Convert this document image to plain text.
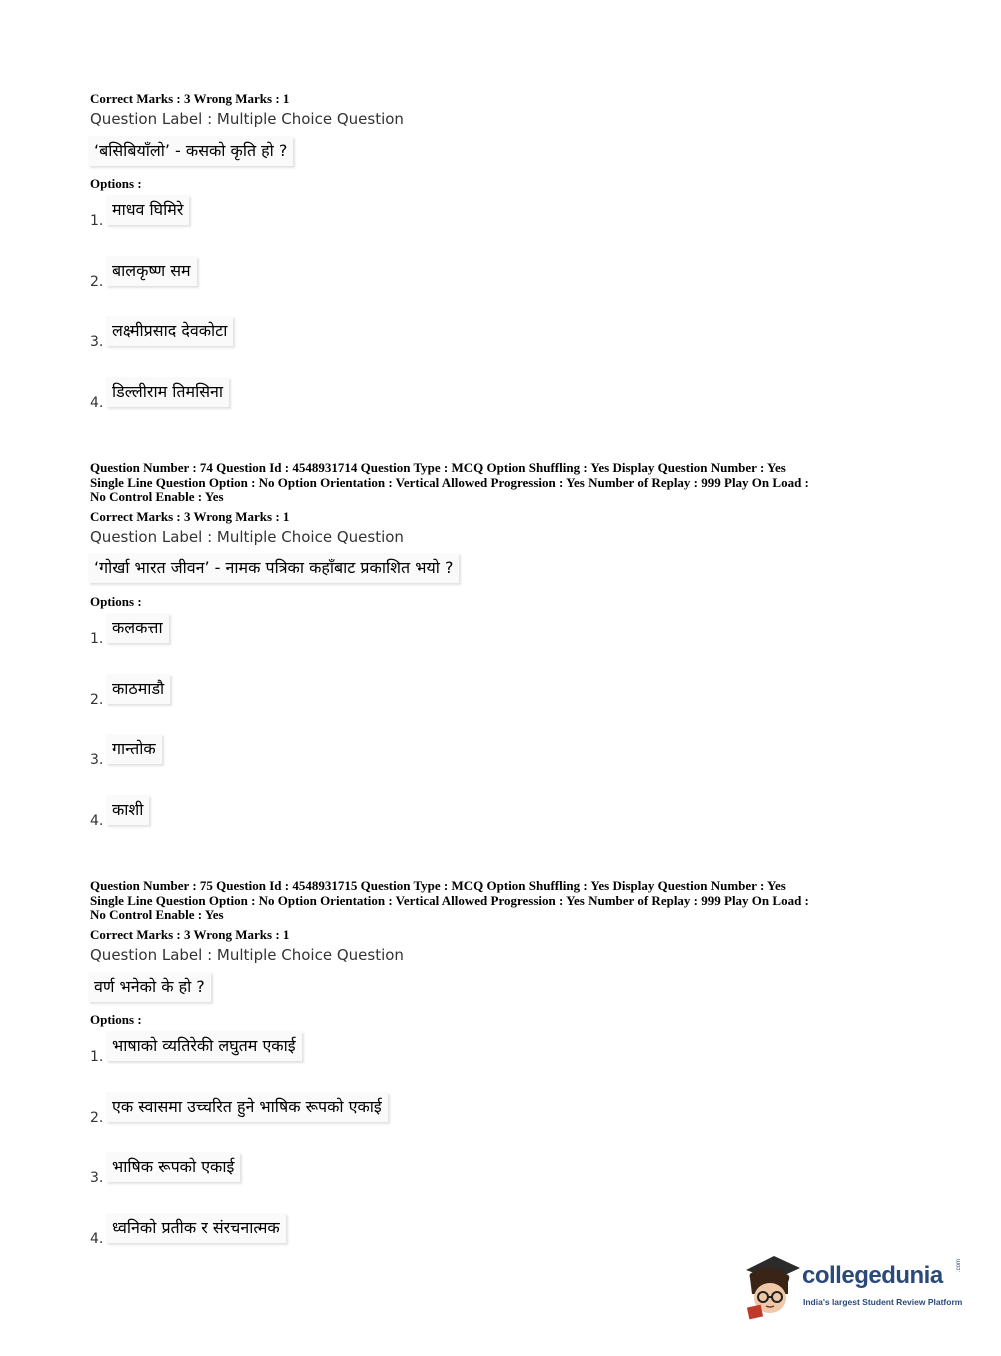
Correct Marks : 3 Wrong Marks : 1
Question Label : Multiple Choice Question
‘बसिबियाँलो’ - कसको कृति हो ?
Options :
1.
माधव घिमिरे
2.
बालकृष्ण सम
3.
लक्ष्मीप्रसाद देवकोटा
4.
डिल्लीराम तिमसिना
Question Number : 74 Question Id : 4548931714 Question Type : MCQ Option Shuffling : Yes Display Question Number : Yes
Single Line Question Option : No Option Orientation : Vertical Allowed Progression : Yes Number of Replay : 999 Play On Load :
No Control Enable : Yes
Correct Marks : 3 Wrong Marks : 1
Question Label : Multiple Choice Question
‘गोर्खा भारत जीवन’ - नामक पत्रिका कहाँबाट प्रकाशित भयो ?
Options :
1.
कलकत्ता
2.
काठमाडौ
3.
गान्तोक
4.
काशी
Question Number : 75 Question Id : 4548931715 Question Type : MCQ Option Shuffling : Yes Display Question Number : Yes
Single Line Question Option : No Option Orientation : Vertical Allowed Progression : Yes Number of Replay : 999 Play On Load :
No Control Enable : Yes
Correct Marks : 3 Wrong Marks : 1
Question Label : Multiple Choice Question
वर्ण भनेको के हो ?
Options :
1.
भाषाको व्यतिरेकी लघुतम एकाई
2.
एक स्वासमा उच्चरित हुने भाषिक रूपको एकाई
3.
भाषिक रूपको एकाई
4.
ध्वनिको प्रतीक र संरचनात्मक
collegedunia .com
India's largest Student Review Platform
